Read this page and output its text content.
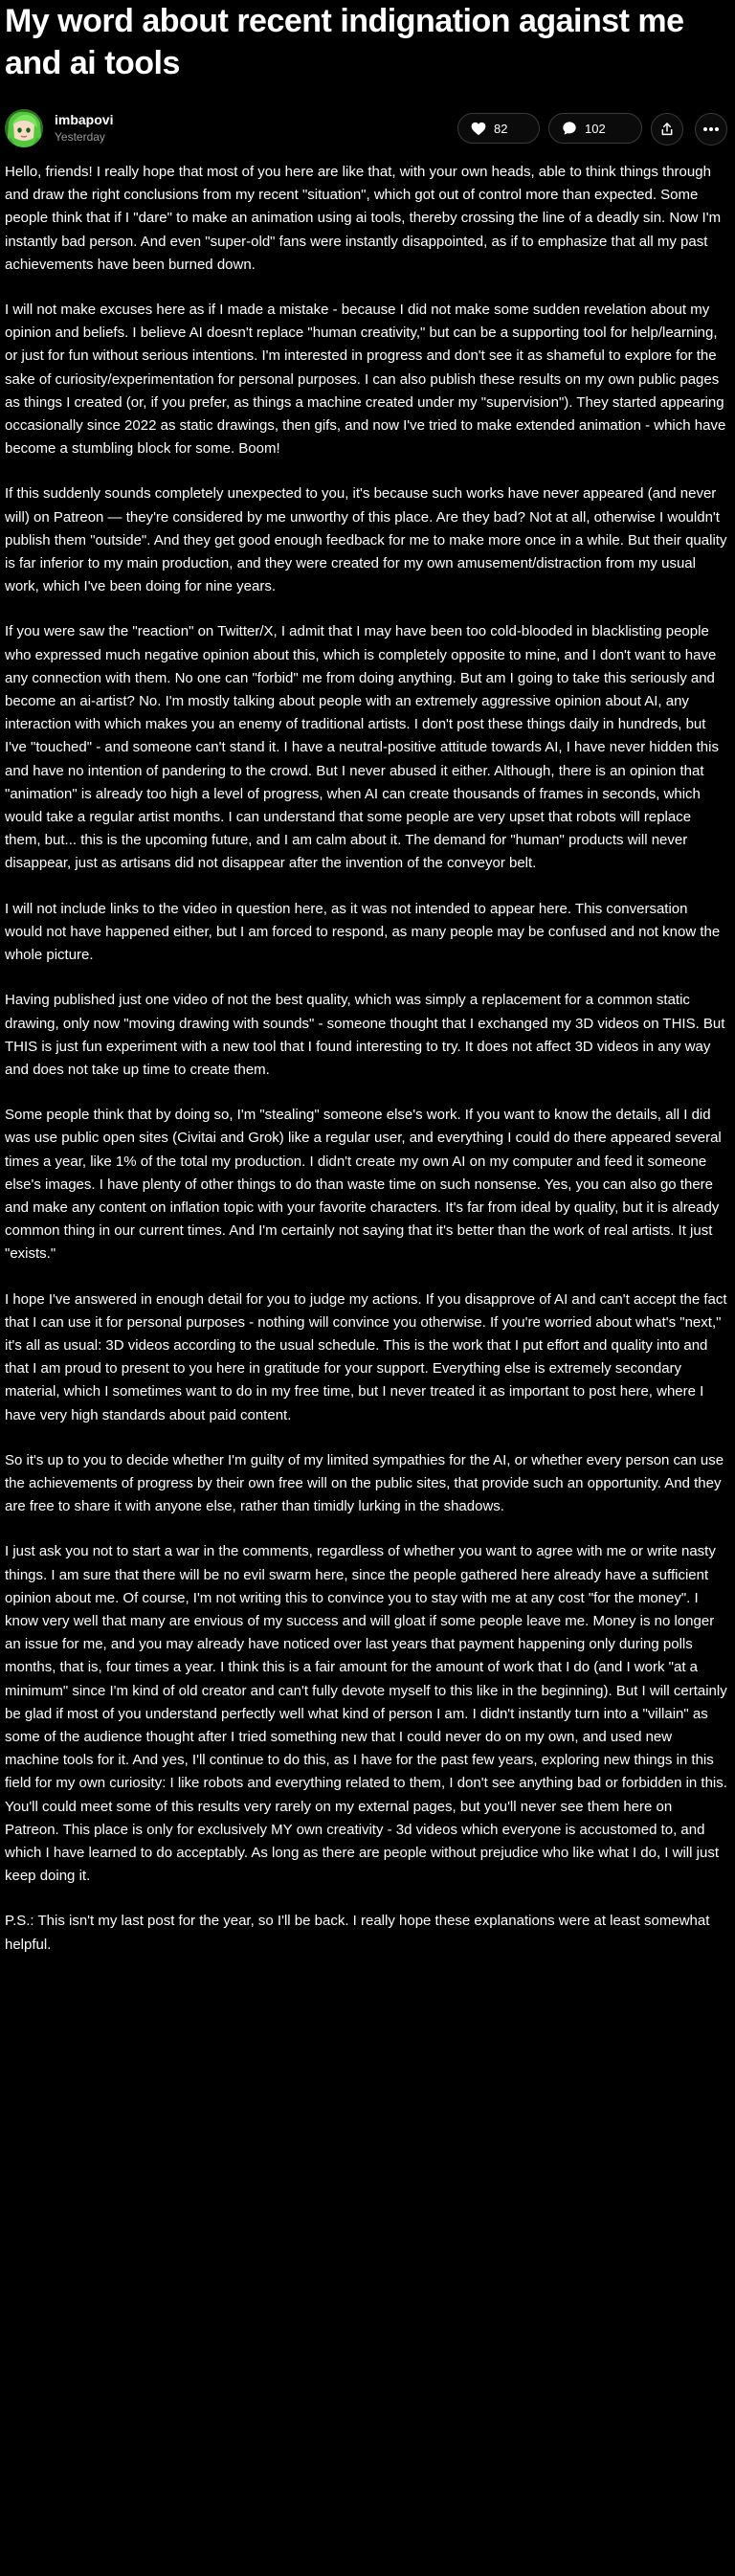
My word about recent indignation against me and ai tools
imbapovi
Yesterday
82	102

Hello, friends! I really hope that most of you here are like that, with your own heads, able to think things through and draw the right conclusions from my recent "situation", which got out of control more than expected. Some people think that if I "dare" to make an animation using ai tools, thereby crossing the line of a deadly sin. Now I'm instantly bad person. And even "super-old" fans were instantly disappointed, as if to emphasize that all my past achievements have been burned down.

I will not make excuses here as if I made a mistake - because I did not make some sudden revelation about my opinion and beliefs. I believe AI doesn't replace "human creativity," but can be a supporting tool for help/learning, or just for fun without serious intentions. I'm interested in progress and don't see it as shameful to explore for the sake of curiosity/experimentation for personal purposes. I can also publish these results on my own public pages as things I created (or, if you prefer, as things a machine created under my "supervision"). They started appearing occasionally since 2022 as static drawings, then gifs, and now I've tried to make extended animation - which have become a stumbling block for some. Boom!

If this suddenly sounds completely unexpected to you, it's because such works have never appeared (and never will) on Patreon — they're considered by me unworthy of this place. Are they bad? Not at all, otherwise I wouldn't publish them "outside". And they get good enough feedback for me to make more once in a while. But their quality is far inferior to my main production, and they were created for my own amusement/distraction from my usual work, which I've been doing for nine years.

If you were saw the "reaction" on Twitter/X, I admit that I may have been too cold-blooded in blacklisting people who expressed much negative opinion about this, which is completely opposite to mine, and I don't want to have any connection with them. No one can "forbid" me from doing anything. But am I going to take this seriously and become an ai-artist? No. I'm mostly talking about people with an extremely aggressive opinion about AI, any interaction with which makes you an enemy of traditional artists. I don't post these things daily in hundreds, but I've "touched" - and someone can't stand it. I have a neutral-positive attitude towards AI, I have never hidden this and have no intention of pandering to the crowd. But I never abused it either. Although, there is an opinion that "animation" is already too high a level of progress, when AI can create thousands of frames in seconds, which would take a regular artist months. I can understand that some people are very upset that robots will replace them, but... this is the upcoming future, and I am calm about it. The demand for "human" products will never disappear, just as artisans did not disappear after the invention of the conveyor belt.

I will not include links to the video in question here, as it was not intended to appear here. This conversation would not have happened either, but I am forced to respond, as many people may be confused and not know the whole picture.

Having published just one video of not the best quality, which was simply a replacement for a common static drawing, only now "moving drawing with sounds" - someone thought that I exchanged my 3D videos on THIS. But THIS is just fun experiment with a new tool that I found interesting to try. It does not affect 3D videos in any way and does not take up time to create them.

Some people think that by doing so, I'm "stealing" someone else's work. If you want to know the details, all I did was use public open sites (Civitai and Grok) like a regular user, and everything I could do there appeared several times a year, like 1% of the total my production. I didn't create my own AI on my computer and feed it someone else's images. I have plenty of other things to do than waste time on such nonsense. Yes, you can also go there and make any content on inflation topic with your favorite characters. It's far from ideal by quality, but it is already common thing in our current times. And I'm certainly not saying that it's better than the work of real artists. It just "exists."

I hope I've answered in enough detail for you to judge my actions. If you disapprove of AI and can't accept the fact that I can use it for personal purposes - nothing will convince you otherwise. If you're worried about what's "next," it's all as usual: 3D videos according to the usual schedule. This is the work that I put effort and quality into and that I am proud to present to you here in gratitude for your support. Everything else is extremely secondary material, which I sometimes want to do in my free time, but I never treated it as important to post here, where I have very high standards about paid content.

So it's up to you to decide whether I'm guilty of my limited sympathies for the AI, or whether every person can use the achievements of progress by their own free will on the public sites, that provide such an opportunity. And they are free to share it with anyone else, rather than timidly lurking in the shadows.

I just ask you not to start a war in the comments, regardless of whether you want to agree with me or write nasty things. I am sure that there will be no evil swarm here, since the people gathered here already have a sufficient opinion about me. Of course, I'm not writing this to convince you to stay with me at any cost "for the money". I know very well that many are envious of my success and will gloat if some people leave me. Money is no longer an issue for me, and you may already have noticed over last years that payment happening only during polls months, that is, four times a year. I think this is a fair amount for the amount of work that I do (and I work "at a minimum" since I'm kind of old creator and can't fully devote myself to this like in the beginning). But I will certainly be glad if most of you understand perfectly well what kind of person I am. I didn't instantly turn into a "villain" as some of the audience thought after I tried something new that I could never do on my own, and used new machine tools for it. And yes, I'll continue to do this, as I have for the past few years, exploring new things in this field for my own curiosity: I like robots and everything related to them, I don't see anything bad or forbidden in this. You'll could meet some of this results very rarely on my external pages, but you'll never see them here on Patreon. This place is only for exclusively MY own creativity - 3d videos which everyone is accustomed to, and which I have learned to do acceptably. As long as there are people without prejudice who like what I do, I will just keep doing it.

P.S.: This isn't my last post for the year, so I'll be back. I really hope these explanations were at least somewhat helpful.
